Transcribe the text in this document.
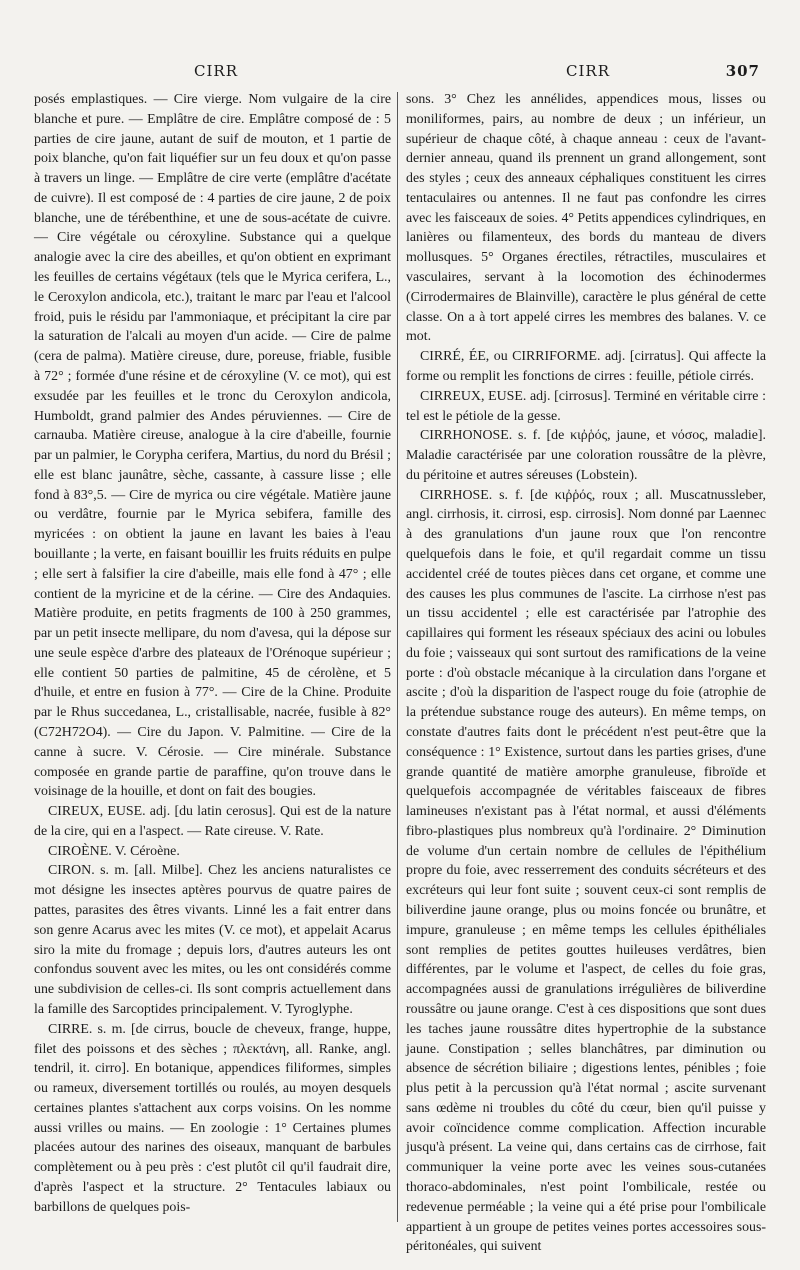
CIRR	CIRR	307

posés emplastiques. — Cire vierge. Nom vulgaire de la cire blanche et pure. — Emplâtre de cire. Emplâtre composé de : 5 parties de cire jaune, autant de suif de mouton, et 1 partie de poix blanche, qu'on fait liquéfier sur un feu doux et qu'on passe à travers un linge. — Emplâtre de cire verte (emplâtre d'acétate de cuivre). Il est composé de : 4 parties de cire jaune, 2 de poix blanche, une de térébenthine, et une de sous-acétate de cuivre. — Cire végétale ou céroxyline. Substance qui a quelque analogie avec la cire des abeilles, et qu'on obtient en exprimant les feuilles de certains végétaux (tels que le Myrica cerifera, L., le Ceroxylon andicola, etc.), traitant le marc par l'eau et l'alcool froid, puis le résidu par l'ammoniaque, et précipitant la cire par la saturation de l'alcali au moyen d'un acide. — Cire de palme (cera de palma). Matière cireuse, dure, poreuse, friable, fusible à 72° ; formée d'une résine et de céroxyline (V. ce mot), qui est exsudée par les feuilles et le tronc du Ceroxylon andicola, Humboldt, grand palmier des Andes péruviennes. — Cire de carnauba. Matière cireuse, analogue à la cire d'abeille, fournie par un palmier, le Corypha cerifera, Martius, du nord du Brésil ; elle est blanc jaunâtre, sèche, cassante, à cassure lisse ; elle fond à 83°,5. — Cire de myrica ou cire végétale. Matière jaune ou verdâtre, fournie par le Myrica sebifera, famille des myricées : on obtient la jaune en lavant les baies à l'eau bouillante ; la verte, en faisant bouillir les fruits réduits en pulpe ; elle sert à falsifier la cire d'abeille, mais elle fond à 47° ; elle contient de la myricine et de la cérine. — Cire des Andaquies. Matière produite, en petits fragments de 100 à 250 grammes, par un petit insecte mellipare, du nom d'avesa, qui la dépose sur une seule espèce d'arbre des plateaux de l'Orénoque supérieur ; elle contient 50 parties de palmitine, 45 de cérolène, et 5 d'huile, et entre en fusion à 77°. — Cire de la Chine. Produite par le Rhus succedanea, L., cristallisable, nacrée, fusible à 82° (C72H72O4). — Cire du Japon. V. Palmitine. — Cire de la canne à sucre. V. Cérosie. — Cire minérale. Substance composée en grande partie de paraffine, qu'on trouve dans le voisinage de la houille, et dont on fait des bougies.

CIREUX, EUSE. adj. [du latin cerosus]. Qui est de la nature de la cire, qui en a l'aspect. — Rate cireuse. V. Rate.

CIROÈNE. V. Céroène.

CIRON. s. m. [all. Milbe]. Chez les anciens naturalistes ce mot désigne les insectes aptères pourvus de quatre paires de pattes, parasites des êtres vivants. Linné les a fait entrer dans son genre Acarus avec les mites (V. ce mot), et appelait Acarus siro la mite du fromage ; depuis lors, d'autres auteurs les ont confondus souvent avec les mites, ou les ont considérés comme une subdivision de celles-ci. Ils sont compris actuellement dans la famille des Sarcoptides principalement. V. Tyroglyphe.

CIRRE. s. m. [de cirrus, boucle de cheveux, frange, huppe, filet des poissons et des sèches ; πλεκτάνη, all. Ranke, angl. tendril, it. cirro]. En botanique, appendices filiformes, simples ou rameux, diversement tortillés ou roulés, au moyen desquels certaines plantes s'attachent aux corps voisins. On les nomme aussi vrilles ou mains. — En zoologie : 1° Certaines plumes placées autour des narines des oiseaux, manquant de barbules complètement ou à peu près : c'est plutôt cil qu'il faudrait dire, d'après l'aspect et la structure. 2° Tentacules labiaux ou barbillons de quelques pois-

sons. 3° Chez les annélides, appendices mous, lisses ou moniliformes, pairs, au nombre de deux ; un inférieur, un supérieur de chaque côté, à chaque anneau : ceux de l'avant-dernier anneau, quand ils prennent un grand allongement, sont des styles ; ceux des anneaux céphaliques constituent les cirres tentaculaires ou antennes. Il ne faut pas confondre les cirres avec les faisceaux de soies. 4° Petits appendices cylindriques, en lanières ou filamenteux, des bords du manteau de divers mollusques. 5° Organes érectiles, rétractiles, musculaires et vasculaires, servant à la locomotion des échinodermes (Cirrodermaires de Blainville), caractère le plus général de cette classe. On a à tort appelé cirres les membres des balanes. V. ce mot.

CIRRÉ, ÉE, ou CIRRIFORME. adj. [cirratus]. Qui affecte la forme ou remplit les fonctions de cirres : feuille, pétiole cirrés.

CIRREUX, EUSE. adj. [cirrosus]. Terminé en véritable cirre : tel est le pétiole de la gesse.

CIRRHONOSE. s. f. [de κιῤῥός, jaune, et νόσος, maladie]. Maladie caractérisée par une coloration roussâtre de la plèvre, du péritoine et autres séreuses (Lobstein).

CIRRHOSE. s. f. [de κιῤῥός, roux ; all. Muscatnussleber, angl. cirrhosis, it. cirrosi, esp. cirrosis]. Nom donné par Laennec à des granulations d'un jaune roux que l'on rencontre quelquefois dans le foie, et qu'il regardait comme un tissu accidentel créé de toutes pièces dans cet organe, et comme une des causes les plus communes de l'ascite. La cirrhose n'est pas un tissu accidentel ; elle est caractérisée par l'atrophie des capillaires qui forment les réseaux spéciaux des acini ou lobules du foie ; vaisseaux qui sont surtout des ramifications de la veine porte : d'où obstacle mécanique à la circulation dans l'organe et ascite ; d'où la disparition de l'aspect rouge du foie (atrophie de la prétendue substance rouge des auteurs). En même temps, on constate d'autres faits dont le précédent n'est peut-être que la conséquence : 1° Existence, surtout dans les parties grises, d'une grande quantité de matière amorphe granuleuse, fibroïde et quelquefois accompagnée de véritables faisceaux de fibres lamineuses n'existant pas à l'état normal, et aussi d'éléments fibro-plastiques plus nombreux qu'à l'ordinaire. 2° Diminution de volume d'un certain nombre de cellules de l'épithélium propre du foie, avec resserrement des conduits sécréteurs et des excréteurs qui leur font suite ; souvent ceux-ci sont remplis de biliverdine jaune orange, plus ou moins foncée ou brunâtre, et impure, granuleuse ; en même temps les cellules épithéliales sont remplies de petites gouttes huileuses verdâtres, bien différentes, par le volume et l'aspect, de celles du foie gras, accompagnées aussi de granulations irrégulières de biliverdine roussâtre ou jaune orange. C'est à ces dispositions que sont dues les taches jaune roussâtre dites hypertrophie de la substance jaune. Constipation ; selles blanchâtres, par diminution ou absence de sécrétion biliaire ; digestions lentes, pénibles ; foie plus petit à la percussion qu'à l'état normal ; ascite survenant sans œdème ni troubles du côté du cœur, bien qu'il puisse y avoir coïncidence comme complication. Affection incurable jusqu'à présent. La veine qui, dans certains cas de cirrhose, fait communiquer la veine porte avec les veines sous-cutanées thoraco-abdominales, n'est point l'ombilicale, restée ou redevenue perméable ; la veine qui a été prise pour l'ombilicale appartient à un groupe de petites veines portes accessoires sous-péritonéales, qui suivent
